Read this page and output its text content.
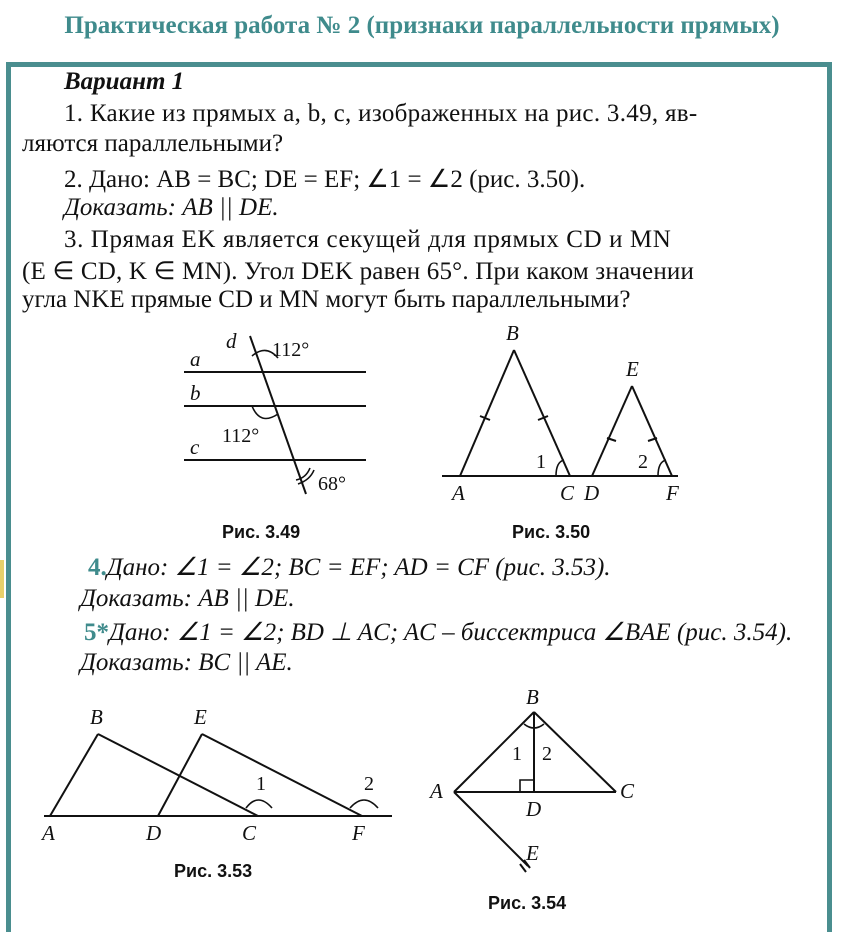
Практическая работа № 2 (признаки параллельности прямых)
Вариант 1
1. Какие из прямых a, b, c, изображенных на рис. 3.49, яв-
ляются параллельными?
2. Дано: AB = BC; DE = EF; ∠1 = ∠2 (рис. 3.50).
Доказать: AB || DE.
3. Прямая EK является секущей для прямых CD и MN
(E ∈ CD, K ∈ MN). Угол DEK равен 65°. При каком значении
угла NKE прямые CD и MN могут быть параллельными?
a
b
c
d 112°
112°
68°
Рис. 3.49
A
B
C D
E
F
1	2
Рис. 3.50
4.Дано: ∠1 = ∠2; BC = EF; AD = CF (рис. 3.53).
Доказать: AB || DE.
5*Дано: ∠1 = ∠2; BD ⊥ AC; AC – биссектриса ∠BAE (рис. 3.54).
Доказать: BC || AE.
A
B
C
D
E
F
1	2
Рис. 3.53
A
B
C
D
E
1 2
Рис. 3.54
